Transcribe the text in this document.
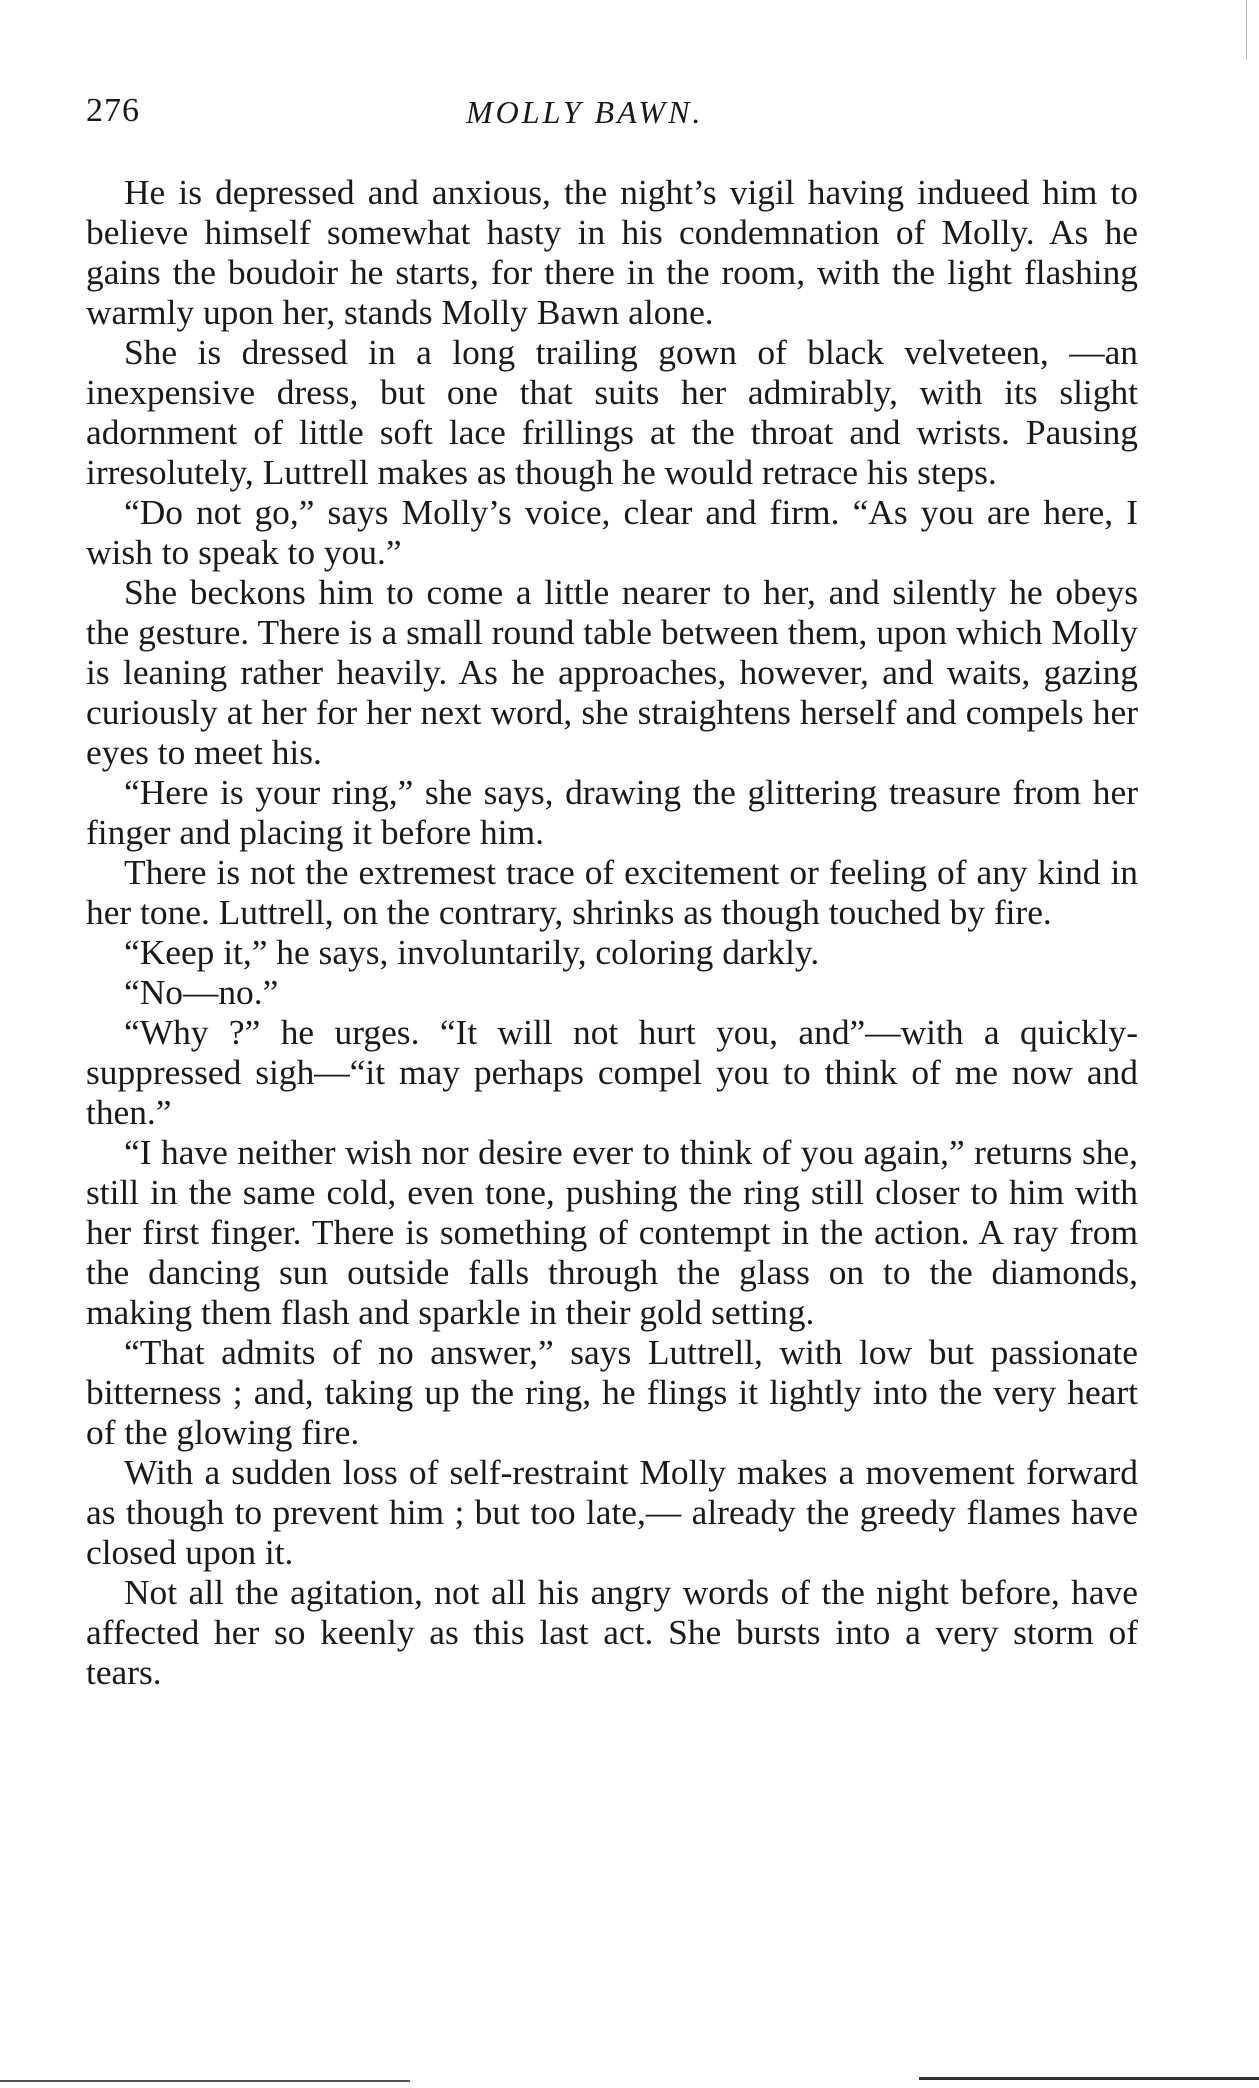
276	MOLLY BAWN.

He is depressed and anxious, the night’s vigil having indueed him to believe himself somewhat hasty in his condemnation of Molly. As he gains the boudoir he starts, for there in the room, with the light flashing warmly upon her, stands Molly Bawn alone.

She is dressed in a long trailing gown of black velveteen, —an inexpensive dress, but one that suits her admirably, with its slight adornment of little soft lace frillings at the throat and wrists. Pausing irresolutely, Luttrell makes as though he would retrace his steps.

“Do not go,” says Molly’s voice, clear and firm. “As you are here, I wish to speak to you.”

She beckons him to come a little nearer to her, and silently he obeys the gesture. There is a small round table between them, upon which Molly is leaning rather heavily. As he approaches, however, and waits, gazing curiously at her for her next word, she straightens herself and compels her eyes to meet his.

“Here is your ring,” she says, drawing the glittering treasure from her finger and placing it before him.

There is not the extremest trace of excitement or feeling of any kind in her tone. Luttrell, on the contrary, shrinks as though touched by fire.

“Keep it,” he says, involuntarily, coloring darkly.

“No—no.”

“Why ?” he urges. “It will not hurt you, and”—with a quickly-suppressed sigh—“it may perhaps compel you to think of me now and then.”

“I have neither wish nor desire ever to think of you again,” returns she, still in the same cold, even tone, pushing the ring still closer to him with her first finger. There is something of contempt in the action. A ray from the dancing sun outside falls through the glass on to the diamonds, making them flash and sparkle in their gold setting.

“That admits of no answer,” says Luttrell, with low but passionate bitterness ; and, taking up the ring, he flings it lightly into the very heart of the glowing fire.

With a sudden loss of self-restraint Molly makes a movement forward as though to prevent him ; but too late,— already the greedy flames have closed upon it.

Not all the agitation, not all his angry words of the night before, have affected her so keenly as this last act. She bursts into a very storm of tears.
